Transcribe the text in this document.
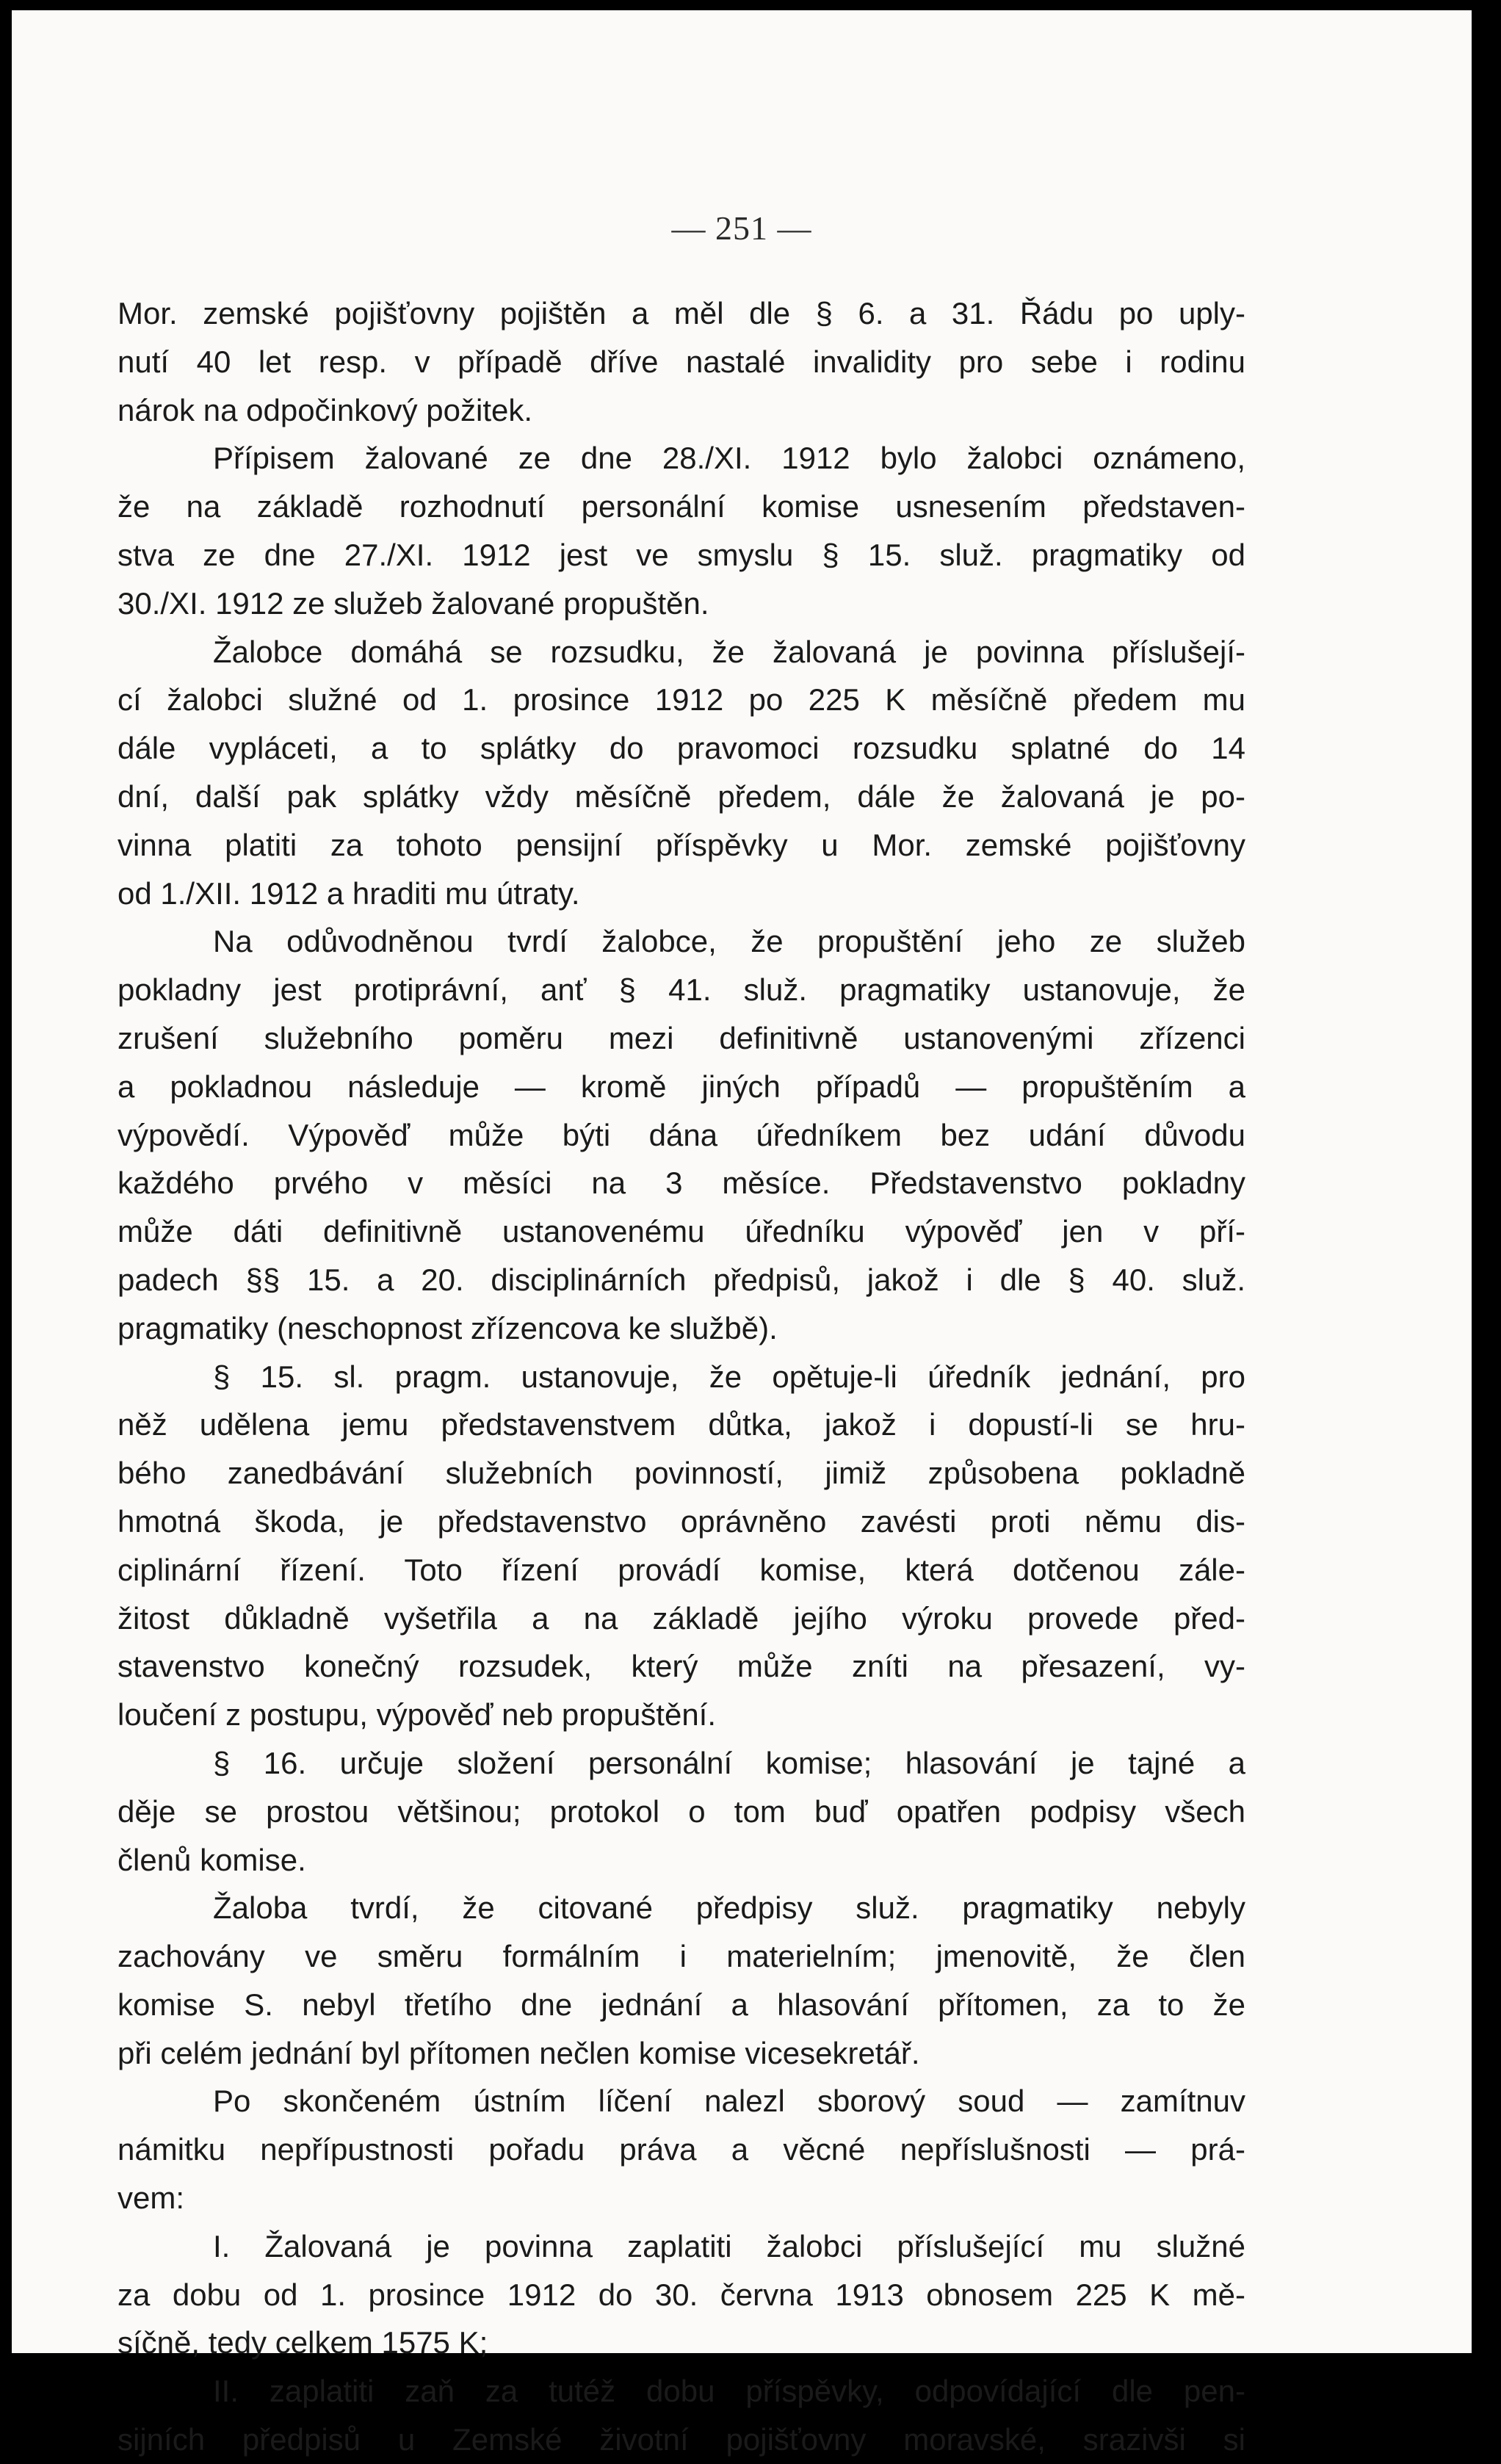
— 251 —
Mor. zemské pojišťovny pojištěn a měl dle § 6. a 31. Řádu po uply-
nutí 40 let resp. v případě dříve nastalé invalidity pro sebe i rodinu
nárok na odpočinkový požitek.
Přípisem žalované ze dne 28./XI. 1912 bylo žalobci oznámeno,
že na základě rozhodnutí personální komise usnesením představen-
stva ze dne 27./XI. 1912 jest ve smyslu § 15. služ. pragmatiky od
30./XI. 1912 ze služeb žalované propuštěn.
Žalobce domáhá se rozsudku, že žalovaná je povinna příslušejí-
cí žalobci služné od 1. prosince 1912 po 225 K měsíčně předem mu
dále vypláceti, a to splátky do pravomoci rozsudku splatné do 14
dní, další pak splátky vždy měsíčně předem, dále že žalovaná je po-
vinna platiti za tohoto pensijní příspěvky u Mor. zemské pojišťovny
od 1./XII. 1912 a hraditi mu útraty.
Na odůvodněnou tvrdí žalobce, že propuštění jeho ze služeb
pokladny jest protiprávní, anť § 41. služ. pragmatiky ustanovuje, že
zrušení služebního poměru mezi definitivně ustanovenými zřízenci
a pokladnou následuje — kromě jiných případů — propuštěním a
výpovědí. Výpověď může býti dána úředníkem bez udání důvodu
každého prvého v měsíci na 3 měsíce. Představenstvo pokladny
může dáti definitivně ustanovenému úředníku výpověď jen v pří-
padech §§ 15. a 20. disciplinárních předpisů, jakož i dle § 40. služ.
pragmatiky (neschopnost zřízencova ke službě).
§ 15. sl. pragm. ustanovuje, že opětuje-li úředník jednání, pro
něž udělena jemu představenstvem důtka, jakož i dopustí-li se hru-
bého zanedbávání služebních povinností, jimiž způsobena pokladně
hmotná škoda, je představenstvo oprávněno zavésti proti němu dis-
ciplinární řízení. Toto řízení provádí komise, která dotčenou zále-
žitost důkladně vyšetřila a na základě jejího výroku provede před-
stavenstvo konečný rozsudek, který může zníti na přesazení, vy-
loučení z postupu, výpověď neb propuštění.
§ 16. určuje složení personální komise; hlasování je tajné a
děje se prostou většinou; protokol o tom buď opatřen podpisy všech
členů komise.
Žaloba tvrdí, že citované předpisy služ. pragmatiky nebyly
zachovány ve směru formálním i materielním; jmenovitě, že člen
komise S. nebyl třetího dne jednání a hlasování přítomen, za to že
při celém jednání byl přítomen nečlen komise vicesekretář.
Po skončeném ústním líčení nalezl sborový soud — zamítnuv
námitku nepřípustnosti pořadu práva a věcné nepříslušnosti — prá-
vem:
I. Žalovaná je povinna zaplatiti žalobci příslušející mu služné
za dobu od 1. prosince 1912 do 30. června 1913 obnosem 225 K mě-
síčně, tedy celkem 1575 K;
II. zaplatiti zaň za tutéž dobu příspěvky, odpovídající dle pen-
sijních předpisů u Zemské životní pojišťovny moravské, srazivši si
